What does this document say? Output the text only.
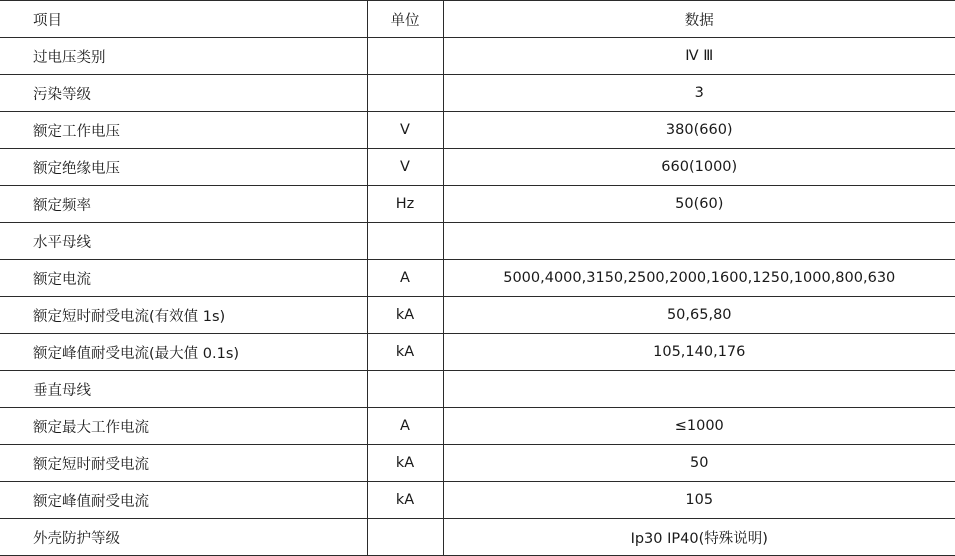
项目	单位	数据
过电压类别		Ⅳ Ⅲ
污染等级		3
额定工作电压	V	380(660)
额定绝缘电压	V	660(1000)
额定频率	Hz	50(60)
水平母线		
额定电流	A	5000,4000,3150,2500,2000,1600,1250,1000,800,630
额定短时耐受电流(有效值 1s)	kA	50,65,80
额定峰值耐受电流(最大值 0.1s)	kA	105,140,176
垂直母线		
额定最大工作电流	A	≤1000
额定短时耐受电流	kA	50
额定峰值耐受电流	kA	105
外壳防护等级		Ip30 IP40(特殊说明)
